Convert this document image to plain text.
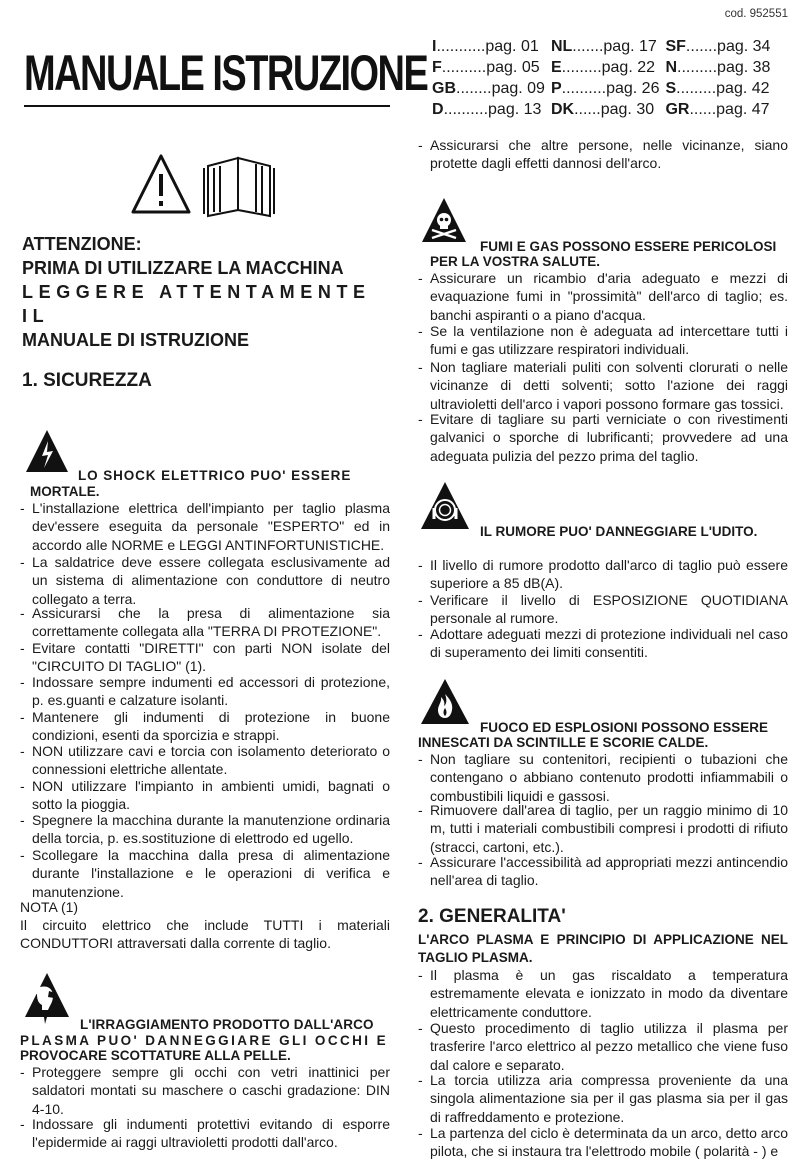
cod. 952551
MANUALE ISTRUZIONE I...........pag. 01		NL.......pag. 17		SF.......pag. 34
F..........pag. 05		E.........pag. 22		N.........pag. 38
GB........pag. 09		P..........pag. 26		S.........pag. 42
D..........pag. 13		DK......pag. 30		GR......pag. 47
ATTENZIONE:
PRIMA DI UTILIZZARE LA MACCHINA
LEGGERE ATTENTAMENTE IL
MANUALE DI ISTRUZIONE
1. SICUREZZA
LO SHOCK ELETTRICO PUO' ESSERE
MORTALE.
- L'installazione elettrica dell'impianto per taglio plasma dev'essere eseguita da personale "ESPERTO" ed in accordo alle NORME e LEGGI ANTINFORTUNISTICHE.
- La saldatrice deve essere collegata esclusivamente ad un sistema di alimentazione con conduttore di neutro collegato a terra.
- Assicurarsi che la presa di alimentazione sia correttamente collegata alla "TERRA DI PROTEZIONE".
- Evitare contatti "DIRETTI" con parti NON isolate del "CIRCUITO DI TAGLIO" (1).
- Indossare sempre indumenti ed accessori di protezione, p. es.guanti e calzature isolanti.
- Mantenere gli indumenti di protezione in buone condizioni, esenti da sporcizia e strappi.
- NON utilizzare cavi e torcia con isolamento deteriorato o connessioni elettriche allentate.
- NON utilizzare l'impianto in ambienti umidi, bagnati o sotto la pioggia.
- Spegnere la macchina durante la manutenzione ordinaria della torcia, p. es.sostituzione di elettrodo ed ugello.
- Scollegare la macchina dalla presa di alimentazione durante l'installazione e le operazioni di verifica e manutenzione.
NOTA (1)
Il circuito elettrico che include TUTTI i materiali CONDUTTORI attraversati dalla corrente di taglio.
L'IRRAGGIAMENTO PRODOTTO DALL'ARCO
PLASMA PUO' DANNEGGIARE GLI OCCHI E
PROVOCARE SCOTTATURE ALLA PELLE.
- Proteggere sempre gli occhi con vetri inattinici per saldatori montati su maschere o caschi gradazione: DIN 4-10.
- Indossare gli indumenti protettivi evitando di esporre l'epidermide ai raggi ultravioletti prodotti dall'arco.
- Assicurarsi che altre persone, nelle vicinanze, siano protette dagli effetti dannosi dell'arco.
FUMI E GAS POSSONO ESSERE PERICOLOSI
PER LA VOSTRA SALUTE.
- Assicurare un ricambio d'aria adeguato e mezzi di evaquazione fumi in "prossimità" dell'arco di taglio; es. banchi aspiranti o a piano d'acqua.
- Se la ventilazione non è adeguata ad intercettare tutti i fumi e gas utilizzare respiratori individuali.
- Non tagliare materiali puliti con solventi clorurati o nelle vicinanze di detti solventi; sotto l'azione dei raggi ultravioletti dell'arco i vapori possono formare gas tossici.
- Evitare di tagliare su parti verniciate o con rivestimenti galvanici o sporche di lubrificanti; provvedere ad una adeguata pulizia del pezzo prima del taglio.
IL RUMORE PUO' DANNEGGIARE L'UDITO.
- Il livello di rumore prodotto dall'arco di taglio può essere superiore a 85 dB(A).
- Verificare il livello di ESPOSIZIONE QUOTIDIANA personale al rumore.
- Adottare adeguati mezzi di protezione individuali nel caso di superamento dei limiti consentiti.
FUOCO ED ESPLOSIONI POSSONO ESSERE
INNESCATI DA SCINTILLE E SCORIE CALDE.
- Non tagliare su contenitori, recipienti o tubazioni che contengano o abbiano contenuto prodotti infiammabili o combustibili liquidi e gassosi.
- Rimuovere dall'area di taglio, per un raggio minimo di 10 m, tutti i materiali combustibili compresi i prodotti di rifiuto (stracci, cartoni, etc.).
- Assicurare l'accessibilità ad appropriati mezzi antincendio nell'area di taglio.
2. GENERALITA'
L'ARCO PLASMA E PRINCIPIO DI APPLICAZIONE NEL TAGLIO PLASMA.
- Il plasma è un gas riscaldato a temperatura estremamente elevata e ionizzato in modo da diventare elettricamente conduttore.
- Questo procedimento di taglio utilizza il plasma per trasferire l'arco elettrico al pezzo metallico che viene fuso dal calore e separato.
- La torcia utilizza aria compressa proveniente da una singola alimentazione sia per il gas plasma sia per il gas di raffreddamento e protezione.
- La partenza del ciclo è determinata da un arco, detto arco pilota, che si instaura tra l'elettrodo mobile ( polarità - ) e
